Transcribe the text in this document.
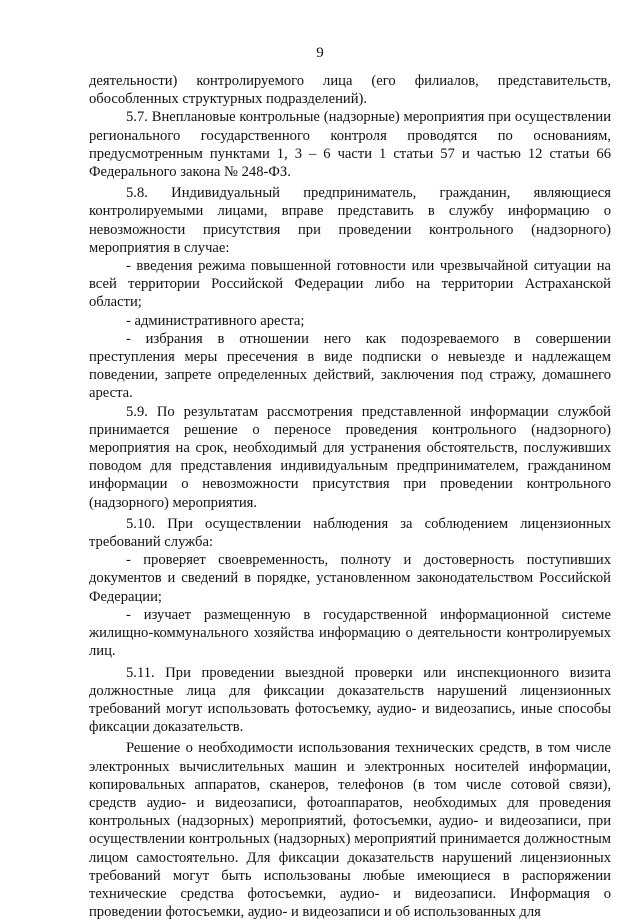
9

деятельности) контролируемого лица (его филиалов, представительств, обособленных структурных подразделений).

5.7. Внеплановые контрольные (надзорные) мероприятия при осуществлении регионального государственного контроля проводятся по основаниям, предусмотренным пунктами 1, 3 – 6 части 1 статьи 57 и частью 12 статьи 66 Федерального закона № 248-ФЗ.

5.8. Индивидуальный предприниматель, гражданин, являющиеся контролируемыми лицами, вправе представить в службу информацию о невозможности присутствия при проведении контрольного (надзорного) мероприятия в случае:

- введения режима повышенной готовности или чрезвычайной ситуации на всей территории Российской Федерации либо на территории Астраханской области;

- административного ареста;

- избрания в отношении него как подозреваемого в совершении преступления меры пресечения в виде подписки о невыезде и надлежащем поведении, запрете определенных действий, заключения под стражу, домашнего ареста.

5.9. По результатам рассмотрения представленной информации службой принимается решение о переносе проведения контрольного (надзорного) мероприятия на срок, необходимый для устранения обстоятельств, послуживших поводом для представления индивидуальным предпринимателем, гражданином информации о невозможности присутствия при проведении контрольного (надзорного) мероприятия.

5.10. При осуществлении наблюдения за соблюдением лицензионных требований служба:

- проверяет своевременность, полноту и достоверность поступивших документов и сведений в порядке, установленном законодательством Российской Федерации;

- изучает размещенную в государственной информационной системе жилищно-коммунального хозяйства информацию о деятельности контролируемых лиц.

5.11. При проведении выездной проверки или инспекционного визита должностные лица для фиксации доказательств нарушений лицензионных требований могут использовать фотосъемку, аудио- и видеозапись, иные способы фиксации доказательств.

Решение о необходимости использования технических средств, в том числе электронных вычислительных машин и электронных носителей информации, копировальных аппаратов, сканеров, телефонов (в том числе сотовой связи), средств аудио- и видеозаписи, фотоаппаратов, необходимых для проведения контрольных (надзорных) мероприятий, фотосъемки, аудио- и видеозаписи, при осуществлении контрольных (надзорных) мероприятий принимается должностным лицом самостоятельно. Для фиксации доказательств нарушений лицензионных требований могут быть использованы любые имеющиеся в распоряжении технические средства фотосъемки, аудио- и видеозаписи. Информация о проведении фотосъемки, аудио- и видеозаписи и об использованных для
